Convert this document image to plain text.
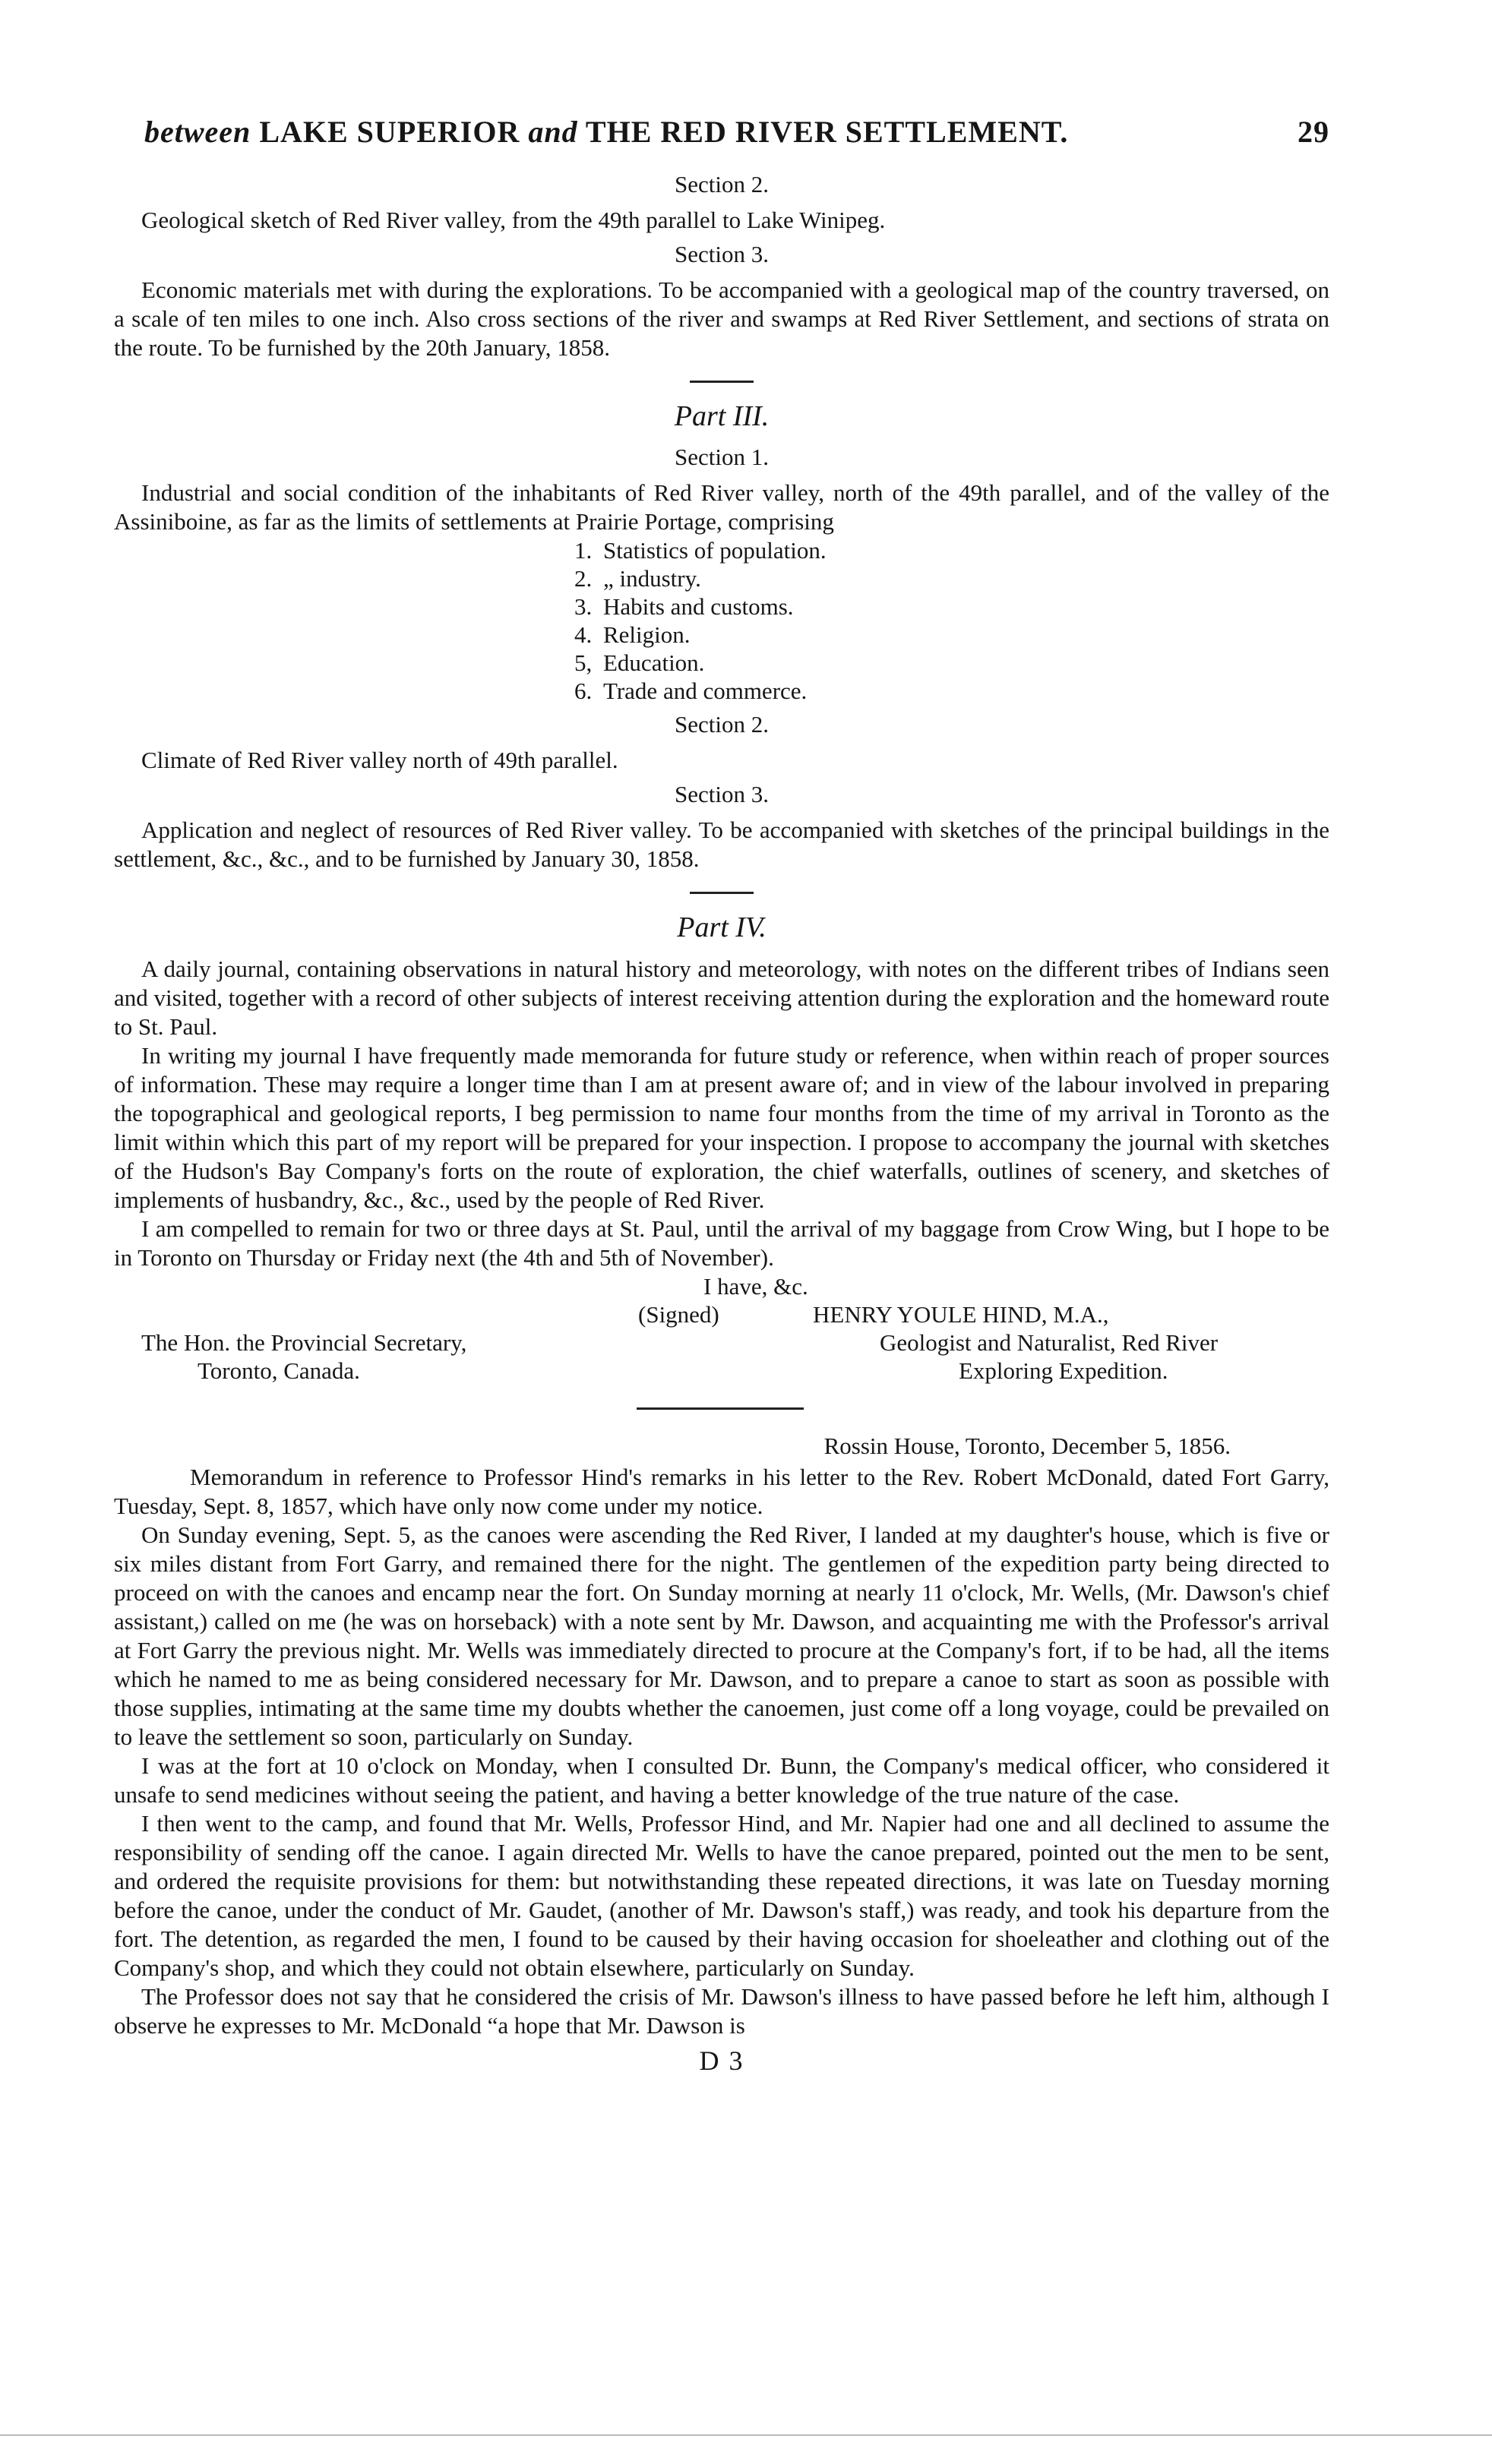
between LAKE SUPERIOR and THE RED RIVER SETTLEMENT.	29
Section 2.

Geological sketch of Red River valley, from the 49th parallel to Lake Winipeg.

Section 3.

Economic materials met with during the explorations. To be accompanied with a geological map of the country traversed, on a scale of ten miles to one inch. Also cross sections of the river and swamps at Red River Settlement, and sections of strata on the route. To be furnished by the 20th January, 1858.

Part III.
Section 1.

Industrial and social condition of the inhabitants of Red River valley, north of the 49th parallel, and of the valley of the Assiniboine, as far as the limits of settlements at Prairie Portage, comprising

1. Statistics of population.
2. „ industry.
3. Habits and customs.
4. Religion.
5, Education.
6. Trade and commerce.
Section 2.

Climate of Red River valley north of 49th parallel.

Section 3.

Application and neglect of resources of Red River valley. To be accompanied with sketches of the principal buildings in the settlement, &c., &c., and to be furnished by January 30, 1858.

Part IV.

A daily journal, containing observations in natural history and meteorology, with notes on the different tribes of Indians seen and visited, together with a record of other subjects of interest receiving attention during the exploration and the homeward route to St. Paul.

In writing my journal I have frequently made memoranda for future study or reference, when within reach of proper sources of information. These may require a longer time than I am at present aware of; and in view of the labour involved in preparing the topographical and geological reports, I beg permission to name four months from the time of my arrival in Toronto as the limit within which this part of my report will be prepared for your inspection. I propose to accompany the journal with sketches of the Hudson's Bay Company's forts on the route of exploration, the chief waterfalls, outlines of scenery, and sketches of implements of husbandry, &c., &c., used by the people of Red River.

I am compelled to remain for two or three days at St. Paul, until the arrival of my baggage from Crow Wing, but I hope to be in Toronto on Thursday or Friday next (the 4th and 5th of November).

I have, &c.
(Signed)	HENRY YOULE HIND, M.A.,
The Hon. the Provincial Secretary,
Toronto, Canada.
Geologist and Naturalist, Red River
Exploring Expedition.

Rossin House, Toronto, December 5, 1856.

Memorandum in reference to Professor Hind's remarks in his letter to the Rev. Robert McDonald, dated Fort Garry, Tuesday, Sept. 8, 1857, which have only now come under my notice.

On Sunday evening, Sept. 5, as the canoes were ascending the Red River, I landed at my daughter's house, which is five or six miles distant from Fort Garry, and remained there for the night. The gentlemen of the expedition party being directed to proceed on with the canoes and encamp near the fort. On Sunday morning at nearly 11 o'clock, Mr. Wells, (Mr. Dawson's chief assistant,) called on me (he was on horseback) with a note sent by Mr. Dawson, and acquainting me with the Professor's arrival at Fort Garry the previous night. Mr. Wells was immediately directed to procure at the Company's fort, if to be had, all the items which he named to me as being considered necessary for Mr. Dawson, and to prepare a canoe to start as soon as possible with those supplies, intimating at the same time my doubts whether the canoemen, just come off a long voyage, could be prevailed on to leave the settlement so soon, particularly on Sunday.

I was at the fort at 10 o'clock on Monday, when I consulted Dr. Bunn, the Company's medical officer, who considered it unsafe to send medicines without seeing the patient, and having a better knowledge of the true nature of the case.

I then went to the camp, and found that Mr. Wells, Professor Hind, and Mr. Napier had one and all declined to assume the responsibility of sending off the canoe. I again directed Mr. Wells to have the canoe prepared, pointed out the men to be sent, and ordered the requisite provisions for them: but notwithstanding these repeated directions, it was late on Tuesday morning before the canoe, under the conduct of Mr. Gaudet, (another of Mr. Dawson's staff,) was ready, and took his departure from the fort. The detention, as regarded the men, I found to be caused by their having occasion for shoeleather and clothing out of the Company's shop, and which they could not obtain elsewhere, particularly on Sunday.

The Professor does not say that he considered the crisis of Mr. Dawson's illness to have passed before he left him, although I observe he expresses to Mr. McDonald “a hope that Mr. Dawson is

D 3
